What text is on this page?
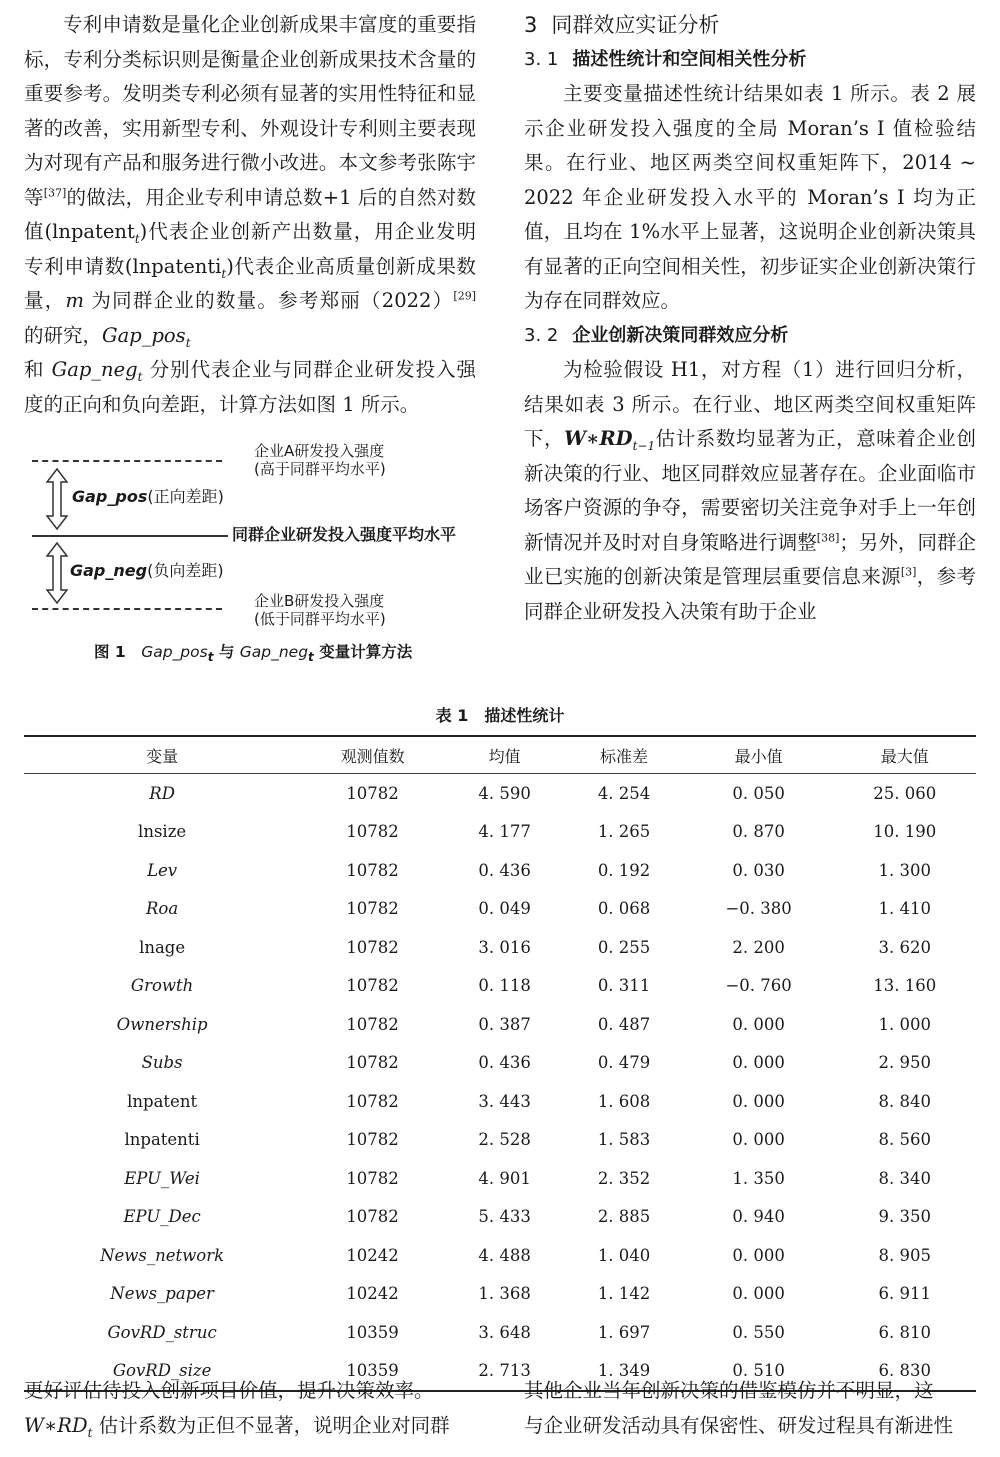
专利申请数是量化企业创新成果丰富度的重要指标，专利分类标识则是衡量企业创新成果技术含量的重要参考。发明类专利必须有显著的实用性特征和显著的改善，实用新型专利、外观设计专利则主要表现为对现有产品和服务进行微小改进。本文参考张陈宇等[37]的做法，用企业专利申请总数+1 后的自然对数值(lnpatent$_t$)代表企业创新产出数量，用企业发明专利申请数(lnpatenti$_t$)代表企业高质量创新成果数量，m 为同群企业的数量。参考郑丽（2022）[29] 的研究，Gap_pos$_t$
和 Gap_neg$_t$ 分别代表企业与同群企业研发投入强度的正向和负向差距，计算方法如图 1 所示。

企业A研发投入强度
(高于同群平均水平)
Gap_pos(正向差距)
同群企业研发投入强度平均水平
Gap_neg(负向差距)
企业B研发投入强度
(低于同群平均水平)
图 1　 Gap_pos$_t$ 与 Gap_neg$_t$ 变量计算方法

3 同群效应实证分析

3. 1 描述性统计和空间相关性分析

主要变量描述性统计结果如表 1 所示。表 2 展示企业研发投入强度的全局 Moran’s I 值检验结果。在行业、地区两类空间权重矩阵下，2014 ~ 2022 年企业研发投入水平的 Moran’s I 均为正值，且均在 1%水平上显著，这说明企业创新决策具有显著的正向空间相关性，初步证实企业创新决策行为存在同群效应。

3. 2 企业创新决策同群效应分析

为检验假设 H1，对方程（1）进行回归分析，结果如表 3 所示。在行业、地区两类空间权重矩阵下，$W∗RD_{t-1}$估计系数均显著为正，意味着企业创新决策的行业、地区同群效应显著存在。企业面临市场客户资源的争夺，需要密切关注竞争对手上一年创新情况并及时对自身策略进行调整[38]；另外，同群企业已实施的创新决策是管理层重要信息来源[3]，参考同群企业研发投入决策有助于企业

表 1　描述性统计
变量	观测值数	均值	标准差	最小值	最大值
RD	10782	4. 590	4. 254	0. 050	25. 060
lnsize	10782	4. 177	1. 265	0. 870	10. 190
Lev	10782	0. 436	0. 192	0. 030	1. 300
Roa	10782	0. 049	0. 068	−0. 380	1. 410
lnage	10782	3. 016	0. 255	2. 200	3. 620
Growth	10782	0. 118	0. 311	−0. 760	13. 160
Ownership	10782	0. 387	0. 487	0. 000	1. 000
Subs	10782	0. 436	0. 479	0. 000	2. 950
lnpatent	10782	3. 443	1. 608	0. 000	8. 840
lnpatenti	10782	2. 528	1. 583	0. 000	8. 560
EPU_Wei	10782	4. 901	2. 352	1. 350	8. 340
EPU_Dec	10782	5. 433	2. 885	0. 940	9. 350
News_network	10242	4. 488	1. 040	0. 000	8. 905
News_paper	10242	1. 368	1. 142	0. 000	6. 911
GovRD_struc	10359	3. 648	1. 697	0. 550	6. 810
GovRD_size	10359	2. 713	1. 349	0. 510	6. 830

更好评估待投入创新项目价值，提升决策效率。
$W∗RD_t$ 估计系数为正但不显著，说明企业对同群

其他企业当年创新决策的借鉴模仿并不明显，这
与企业研发活动具有保密性、研发过程具有渐进性
